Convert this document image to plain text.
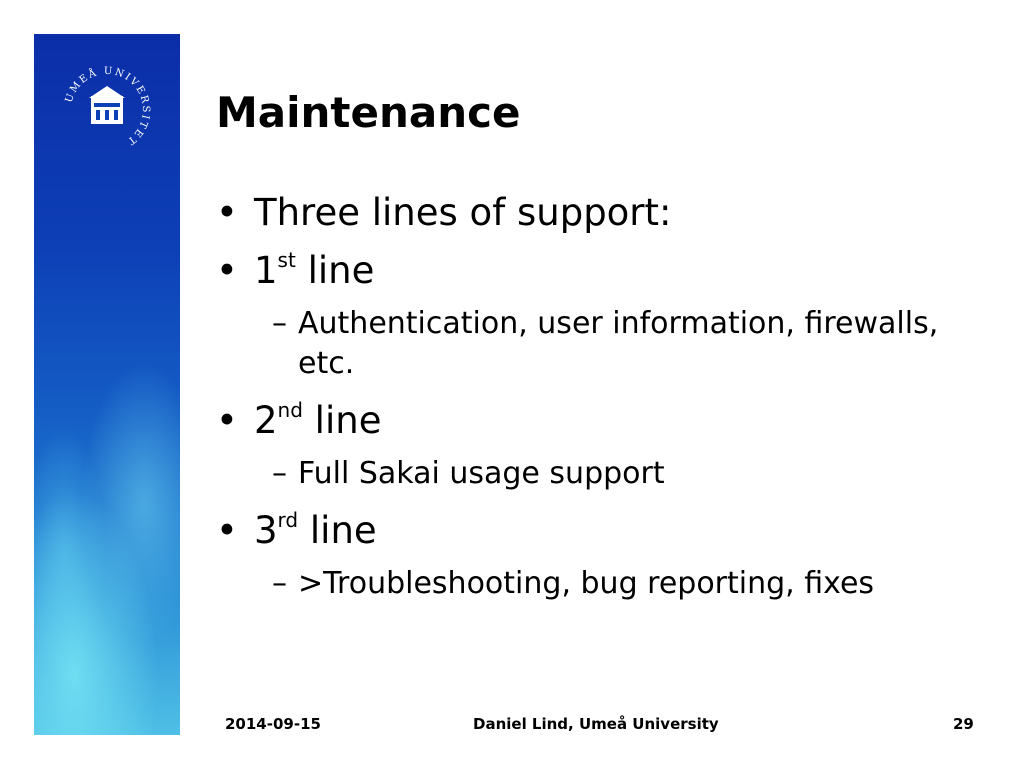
UMEÅ UNIVERSITET
Maintenance
• Three lines of support:
• 1st line
– Authentication, user information, firewalls, etc.
• 2nd line
– Full Sakai usage support
• 3rd line
– >Troubleshooting, bug reporting, fixes
2014-09-15	Daniel Lind, Umeå University	29
